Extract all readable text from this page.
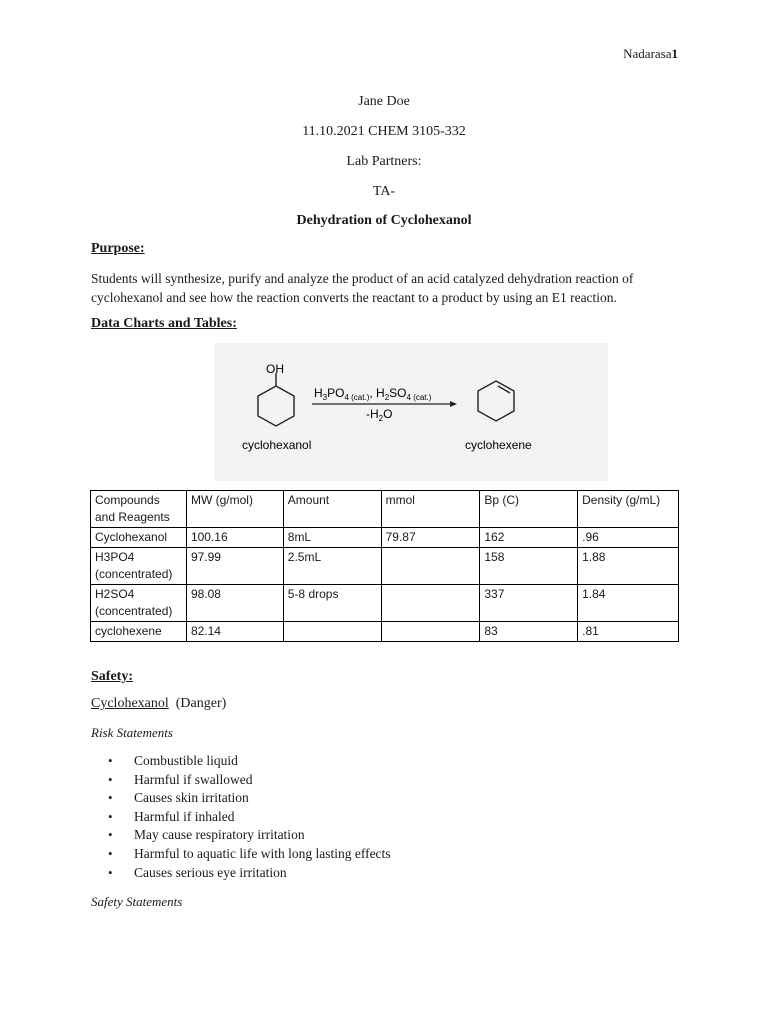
Nadarasa1
Jane Doe
11.10.2021 CHEM 3105-332
Lab Partners:
TA-
Dehydration of Cyclohexanol
Purpose:
Students will synthesize, purify and analyze the product of an acid catalyzed dehydration reaction of
cyclohexanol and see how the reaction converts the reactant to a product by using an E1 reaction.
Data Charts and Tables:
OH
cyclohexanol
$H_3PO_{4 (cat.)}$, $H_2SO_{4 (cat.)}$
$-H_2O$
cyclohexene
Compounds and Reagents	MW (g/mol)	Amount	mmol	Bp (C)	Density (g/mL)
Cyclohexanol	100.16	8mL	79.87	162	.96
H3PO4 (concentrated)	97.99	2.5mL		158	1.88
H2SO4 (concentrated)	98.08	5-8 drops		337	1.84
cyclohexene	82.14			83	.81
Safety:
Cyclohexanol (Danger)
Risk Statements
• Combustible liquid
• Harmful if swallowed
• Causes skin irritation
• Harmful if inhaled
• May cause respiratory irritation
• Harmful to aquatic life with long lasting effects
• Causes serious eye irritation
Safety Statements
